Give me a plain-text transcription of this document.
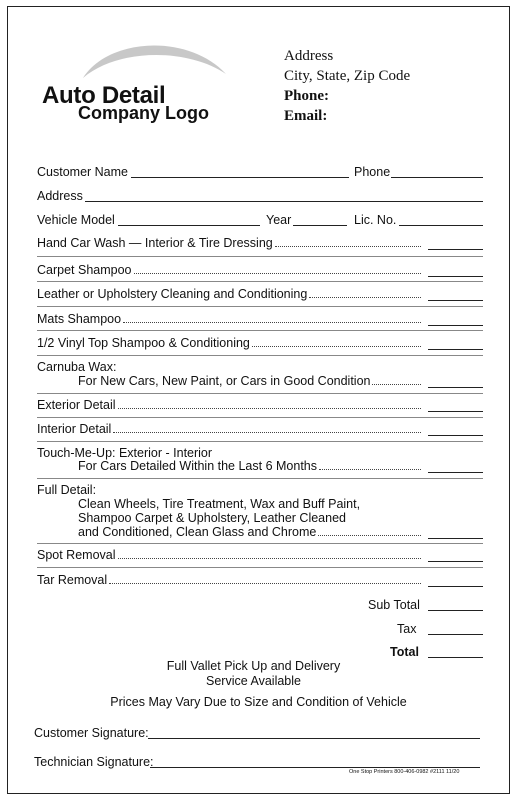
Auto Detail
Company Logo
Address
City, State, Zip Code
Phone:
Email:
Customer Name	Phone
Address
Vehicle Model	Year	Lic. No.
Hand Car Wash — Interior & Tire Dressing
Carpet Shampoo
Leather or Upholstery Cleaning and Conditioning
Mats Shampoo
1/2 Vinyl Top Shampoo & Conditioning
Carnuba Wax:
For New Cars, New Paint, or Cars in Good Condition
Exterior Detail
Interior Detail
Touch-Me-Up: Exterior - Interior
For Cars Detailed Within the Last 6 Months
Full Detail:
Clean Wheels, Tire Treatment, Wax and Buff Paint,
Shampoo Carpet & Upholstery, Leather Cleaned
and Conditioned, Clean Glass and Chrome
Spot Removal
Tar Removal
Sub Total
Tax
Total
Full Vallet Pick Up and Delivery
Service Available
Prices May Vary Due to Size and Condition of Vehicle
Customer Signature:
Technician Signature:
One Stop Printers 800-406-0982 #2111 11/20
